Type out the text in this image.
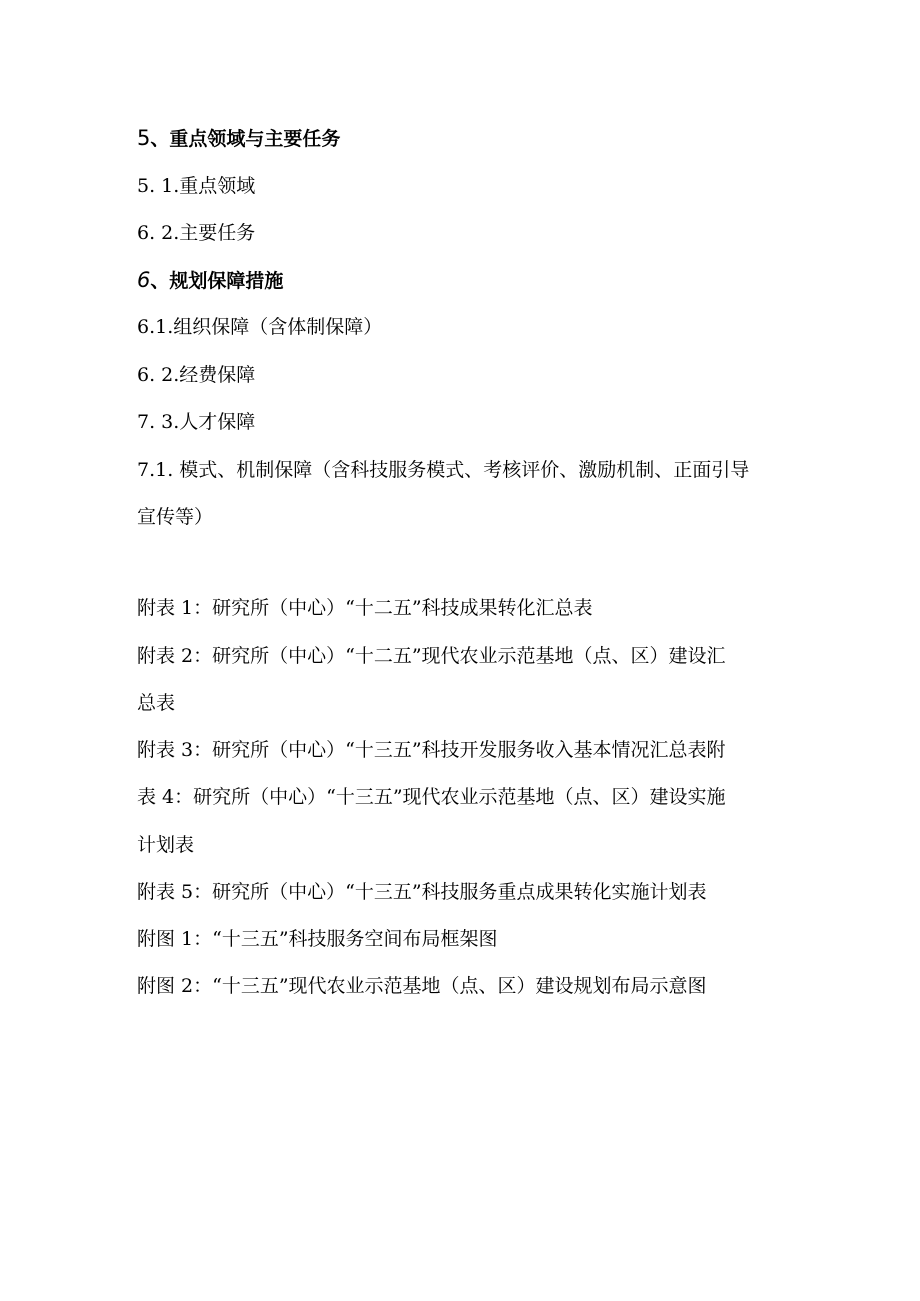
5、重点领域与主要任务
5. 1.重点领域
6. 2.主要任务
6、规划保障措施
6.1.组织保障（含体制保障）
6. 2.经费保障
7. 3.人才保障
7.1. 模式、机制保障（含科技服务模式、考核评价、激励机制、正面引导
宣传等）
附表 1：研究所（中心）“十二五”科技成果转化汇总表
附表 2：研究所（中心）“十二五”现代农业示范基地（点、区）建设汇
总表
附表 3：研究所（中心）“十三五”科技开发服务收入基本情况汇总表附
表 4：研究所（中心）“十三五”现代农业示范基地（点、区）建设实施
计划表
附表 5：研究所（中心）“十三五”科技服务重点成果转化实施计划表
附图 1：“十三五”科技服务空间布局框架图
附图 2：“十三五”现代农业示范基地（点、区）建设规划布局示意图
